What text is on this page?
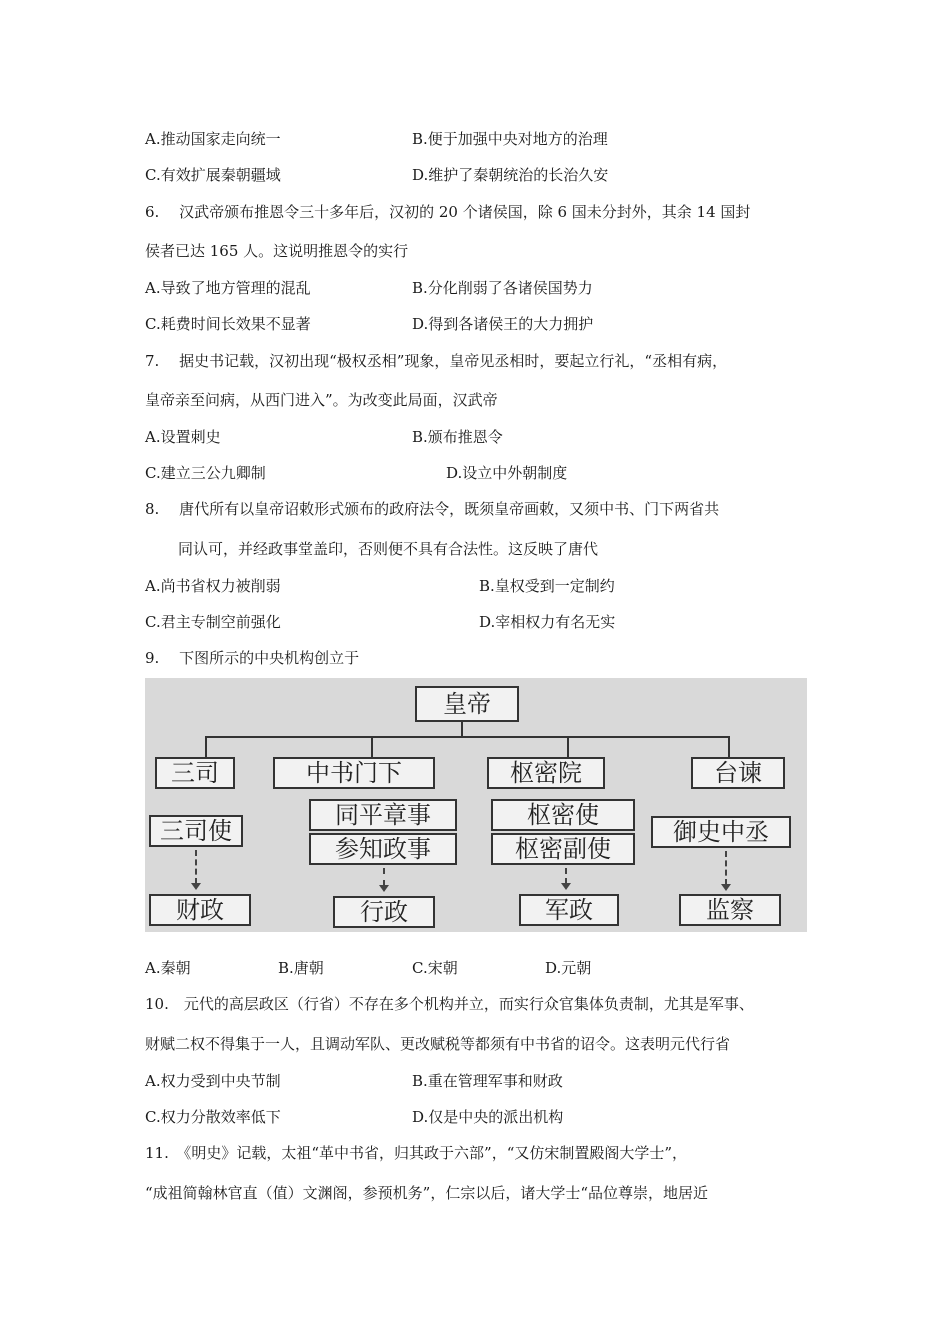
A.推动国家走向统一	B.便于加强中央对地方的治理
C.有效扩展秦朝疆域	D.维护了秦朝统治的长治久安
6.　 汉武帝颁布推恩令三十多年后，汉初的 20 个诸侯国，除 6 国未分封外，其余 14 国封
侯者已达 165 人。这说明推恩令的实行
A.导致了地方管理的混乱	B.分化削弱了各诸侯国势力
C.耗费时间长效果不显著	D.得到各诸侯王的大力拥护
7.　 据史书记载，汉初出现“极权丞相”现象，皇帝见丞相时，要起立行礼，“丞相有病，
皇帝亲至问病，从西门进入”。为改变此局面，汉武帝
A.设置刺史	B.颁布推恩令
C.建立三公九卿制	D.设立中外朝制度
8.　 唐代所有以皇帝诏敕形式颁布的政府法令，既须皇帝画敕，又须中书、门下两省共
同认可，并经政事堂盖印，否则便不具有合法性。这反映了唐代
A.尚书省权力被削弱	B.皇权受到一定制约
C.君主专制空前强化	D.宰相权力有名无实
9.　 下图所示的中央机构创立于
皇帝
三司	中书门下	枢密院	台谏
三司使
同平章事
参知政事
枢密使
枢密副使
御史中丞
财政	行政	军政	监察
A.秦朝	B.唐朝	C.宋朝	D.元朝
10.　元代的高层政区（行省）不存在多个机构并立，而实行众官集体负责制，尤其是军事、
财赋二权不得集于一人，且调动军队、更改赋税等都须有中书省的诏令。这表明元代行省
A.权力受到中央节制	B.重在管理军事和财政
C.权力分散效率低下	D.仅是中央的派出机构
11.　《明史》记载，太祖“革中书省，归其政于六部”，“又仿宋制置殿阁大学士”，
“成祖简翰林官直（值）文渊阁，参预机务”，仁宗以后，诸大学士“品位尊崇，地居近
